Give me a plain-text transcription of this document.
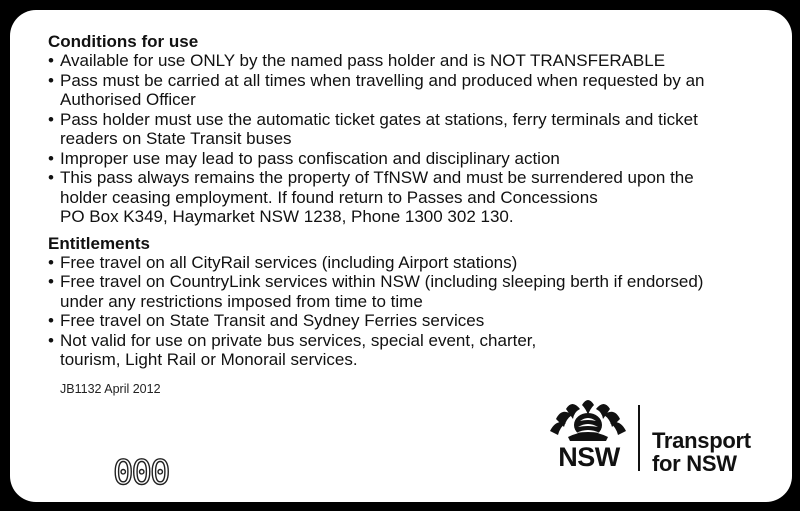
Conditions for use
• Available for use ONLY by the named pass holder and is NOT TRANSFERABLE
• Pass must be carried at all times when travelling and produced when requested by an
Authorised Officer
• Pass holder must use the automatic ticket gates at stations, ferry terminals and ticket
readers on State Transit buses
• Improper use may lead to pass confiscation and disciplinary action
• This pass always remains the property of TfNSW and must be surrendered upon the
holder ceasing employment. If found return to Passes and Concessions
PO Box K349, Haymarket NSW 1238, Phone 1300 302 130.
Entitlements
• Free travel on all CityRail services (including Airport stations)
• Free travel on CountryLink services within NSW (including sleeping berth if endorsed)
under any restrictions imposed from time to time
• Free travel on State Transit and Sydney Ferries services
• Not valid for use on private bus services, special event, charter,
tourism, Light Rail or Monorail services.
JB1132 April 2012
000	NSW
Transport
for NSW
